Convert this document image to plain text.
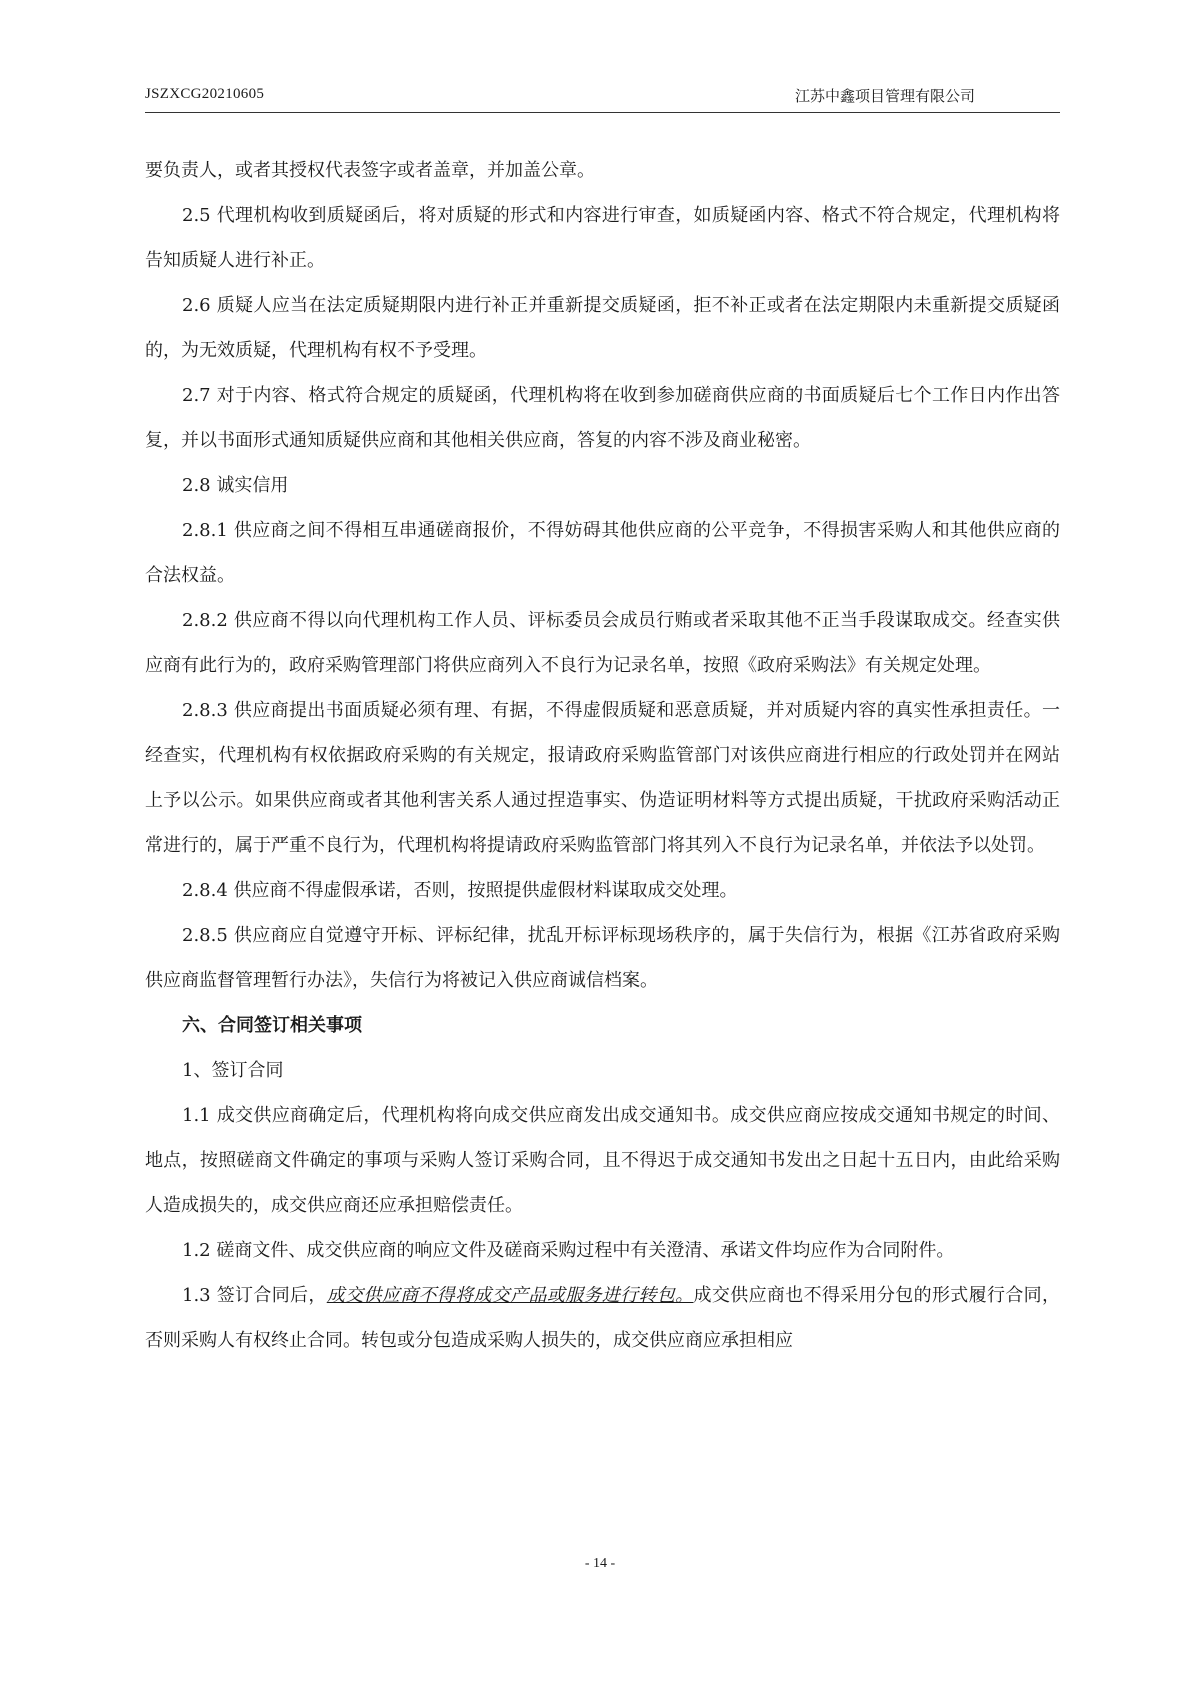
JSZXCG20210605	江苏中鑫项目管理有限公司

要负责人，或者其授权代表签字或者盖章，并加盖公章。

2.5 代理机构收到质疑函后，将对质疑的形式和内容进行审查，如质疑函内容、格式不符合规定，代理机构将告知质疑人进行补正。

2.6 质疑人应当在法定质疑期限内进行补正并重新提交质疑函，拒不补正或者在法定期限内未重新提交质疑函的，为无效质疑，代理机构有权不予受理。

2.7 对于内容、格式符合规定的质疑函，代理机构将在收到参加磋商供应商的书面质疑后七个工作日内作出答复，并以书面形式通知质疑供应商和其他相关供应商，答复的内容不涉及商业秘密。

2.8 诚实信用

2.8.1 供应商之间不得相互串通磋商报价，不得妨碍其他供应商的公平竞争，不得损害采购人和其他供应商的合法权益。

2.8.2 供应商不得以向代理机构工作人员、评标委员会成员行贿或者采取其他不正当手段谋取成交。经查实供应商有此行为的，政府采购管理部门将供应商列入不良行为记录名单，按照《政府采购法》有关规定处理。

2.8.3 供应商提出书面质疑必须有理、有据，不得虚假质疑和恶意质疑，并对质疑内容的真实性承担责任。一经查实，代理机构有权依据政府采购的有关规定，报请政府采购监管部门对该供应商进行相应的行政处罚并在网站上予以公示。如果供应商或者其他利害关系人通过捏造事实、伪造证明材料等方式提出质疑，干扰政府采购活动正常进行的，属于严重不良行为，代理机构将提请政府采购监管部门将其列入不良行为记录名单，并依法予以处罚。

2.8.4 供应商不得虚假承诺，否则，按照提供虚假材料谋取成交处理。

2.8.5 供应商应自觉遵守开标、评标纪律，扰乱开标评标现场秩序的，属于失信行为，根据《江苏省政府采购供应商监督管理暂行办法》，失信行为将被记入供应商诚信档案。

六、合同签订相关事项

1、签订合同

1.1 成交供应商确定后，代理机构将向成交供应商发出成交通知书。成交供应商应按成交通知书规定的时间、地点，按照磋商文件确定的事项与采购人签订采购合同，且不得迟于成交通知书发出之日起十五日内，由此给采购人造成损失的，成交供应商还应承担赔偿责任。

1.2 磋商文件、成交供应商的响应文件及磋商采购过程中有关澄清、承诺文件均应作为合同附件。

1.3 签订合同后，成交供应商不得将成交产品或服务进行转包。成交供应商也不得采用分包的形式履行合同，否则采购人有权终止合同。转包或分包造成采购人损失的，成交供应商应承担相应

- 14 -
